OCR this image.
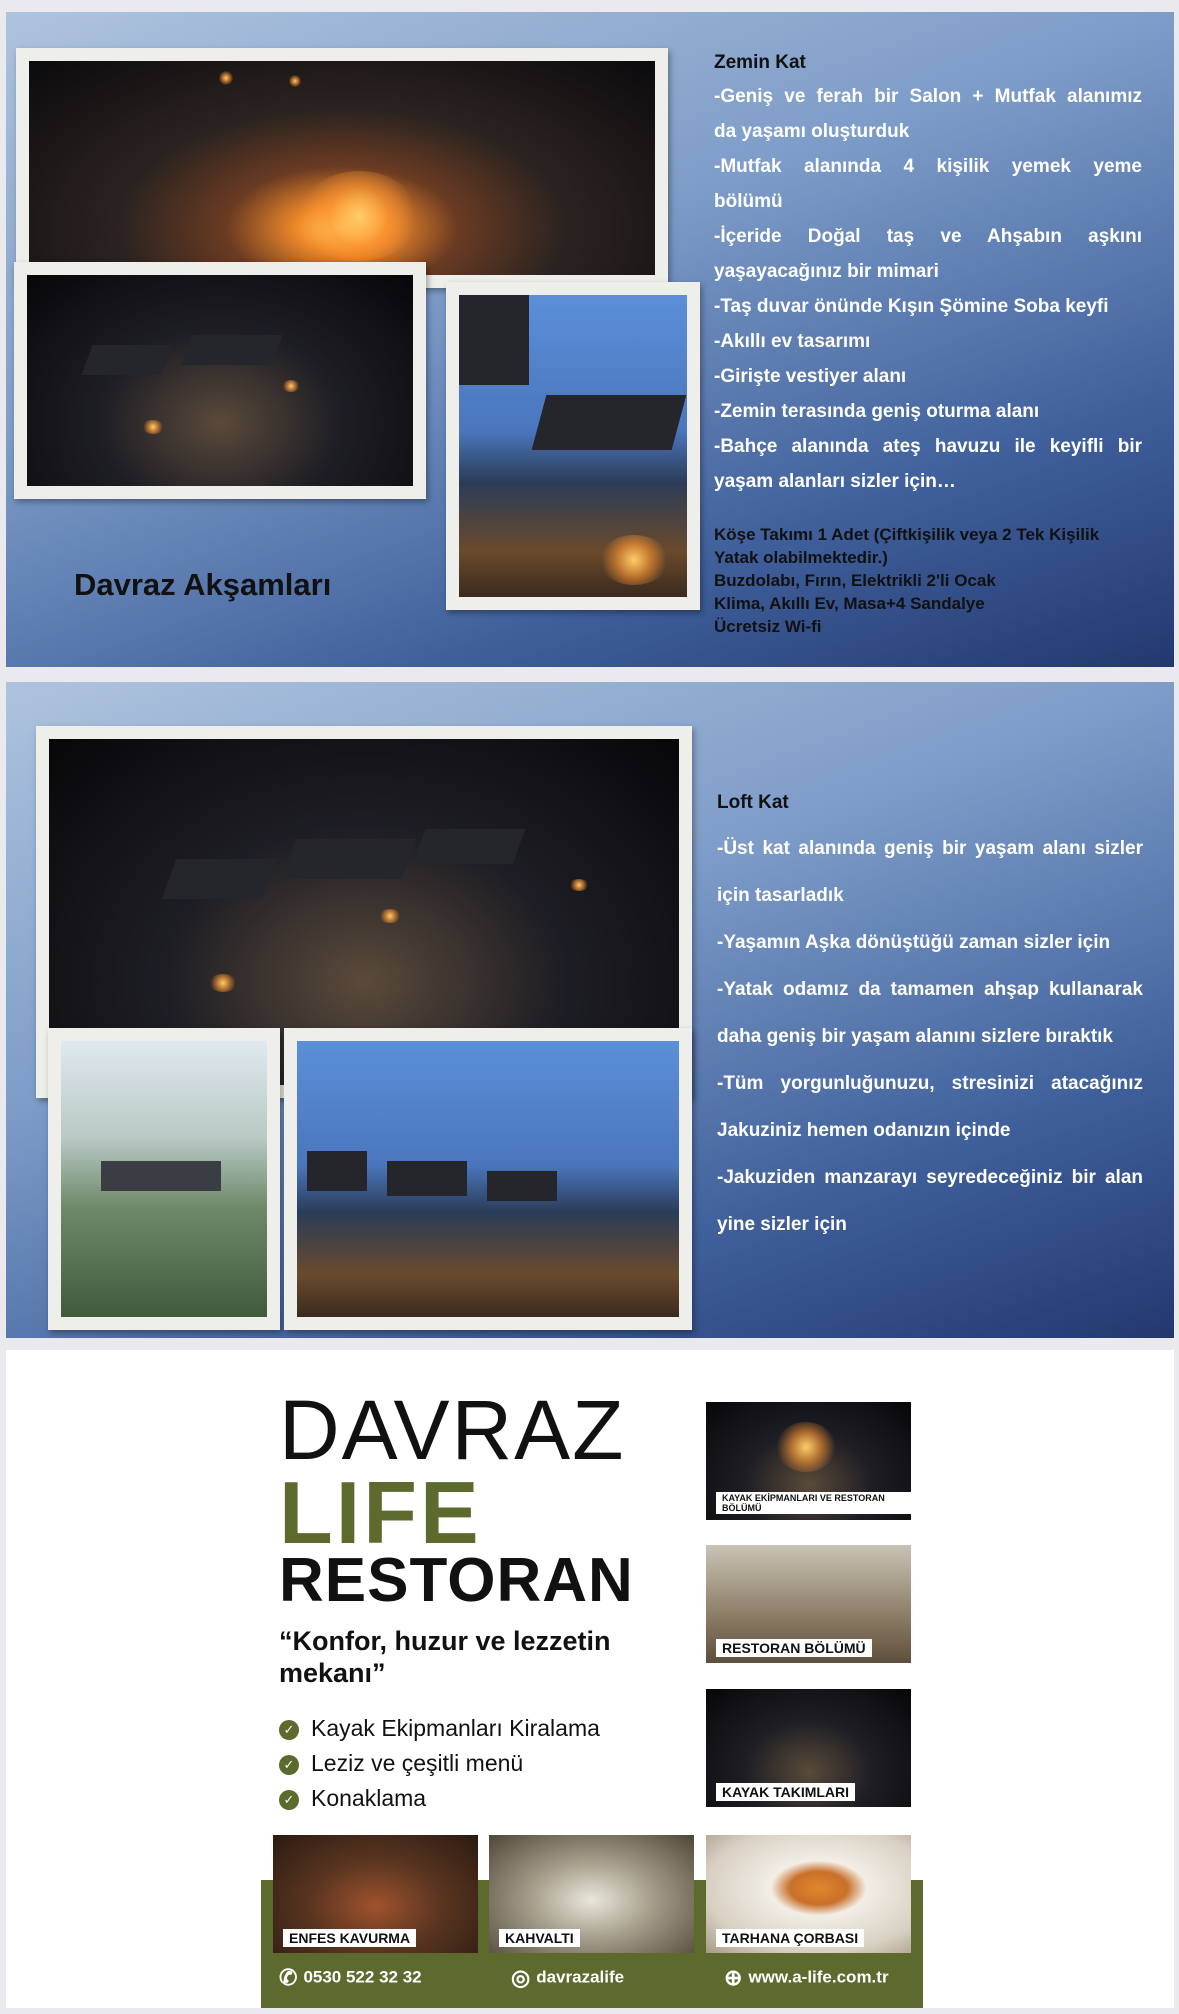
Davraz Akşamları
Zemin Kat
-Geniş ve ferah bir Salon + Mutfak alanımız
da yaşamı oluşturduk
-Mutfak alanında 4 kişilik yemek yeme
bölümü
-İçeride Doğal taş ve Ahşabın aşkını
yaşayacağınız bir mimari
-Taş duvar önünde Kışın Şömine Soba keyfi
-Akıllı ev tasarımı
-Girişte vestiyer alanı
-Zemin terasında geniş oturma alanı
-Bahçe alanında ateş havuzu ile keyifli bir
yaşam alanları sizler için…
Köşe Takımı 1 Adet (Çiftkişilik veya 2 Tek Kişilik
Yatak olabilmektedir.)
Buzdolabı, Fırın, Elektrikli 2'li Ocak
Klima, Akıllı Ev, Masa+4 Sandalye
Ücretsiz Wi-fi
Loft Kat
-Üst kat alanında geniş bir yaşam alanı sizler
için tasarladık
-Yaşamın Aşka dönüştüğü zaman sizler için
-Yatak odamız da tamamen ahşap kullanarak
daha geniş bir yaşam alanını sizlere bıraktık
-Tüm yorgunluğunuzu, stresinizi atacağınız
Jakuziniz hemen odanızın içinde
-Jakuziden manzarayı seyredeceğiniz bir alan
yine sizler için
DAVRAZ
LIFE
RESTORAN
“Konfor, huzur ve lezzetin mekanı”
✓ Kayak Ekipmanları Kiralama
✓ Leziz ve çeşitli menü
✓ Konaklama
KAYAK EKİPMANLARI VE RESTORAN BÖLÜMÜ
RESTORAN BÖLÜMÜ
KAYAK TAKIMLARI
ENFES KAVURMA	KAHVALTI	TARHANA ÇORBASI
✆ 0530 522 32 32	◎ davrazalife	⊕ www.a-life.com.tr
